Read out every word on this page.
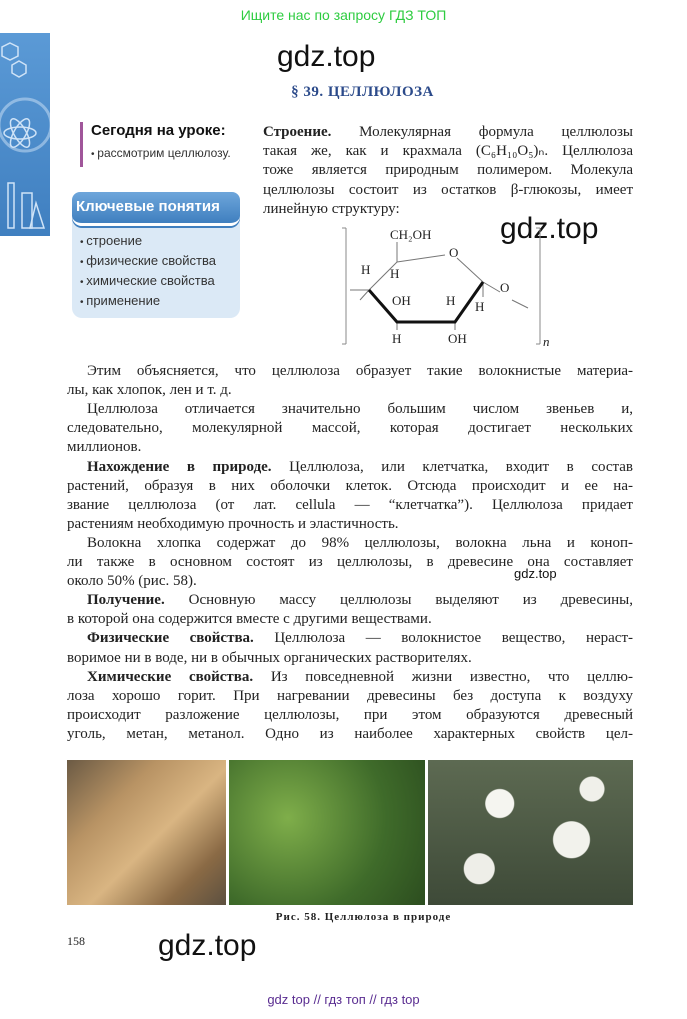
Ищите нас по запросу ГДЗ ТОП
gdz.top
§ 39. ЦЕЛЛЮЛОЗА
Сегодня на уроке:
• рассмотрим целлюлозу.
Ключевые понятия
• строение
• физические свойства
• химические свойства
• применение
Строение. Молекулярная формула целлюлозы
такая же, как и крахмала (C₆H₁₀O₅)ₙ. Целлюлоза
тоже является природным полимером. Молекула
целлюлозы состоит из остатков β-глюкозы, имеет
линейную структуру:
gdz.top
n
CH₂OH
O
O
H H
OH	H H
H	OH
Этим объясняется, что целлюлоза образует такие волокнистые материа-
лы, как хлопок, лен и т. д.
Целлюлоза отличается значительно большим числом звеньев и,
следовательно, молекулярной массой, которая достигает нескольких
миллионов.
Нахождение в природе. Целлюлоза, или клетчатка, входит в состав
растений, образуя в них оболочки клеток. Отсюда происходит и ее на-
звание целлюлоза (от лат. cellula — “клетчатка”). Целлюлоза придает
растениям необходимую прочность и эластичность.
Волокна хлопка содержат до 98% целлюлозы, волокна льна и коноп-
ли также в основном состоят из целлюлозы, в древесине она составляет
около 50% (рис. 58).
Получение. Основную массу целлюлозы выделяют из древесины,
в которой она содержится вместе с другими веществами.
Физические свойства. Целлюлоза — волокнистое вещество, нераст-
воримое ни в воде, ни в обычных органических растворителях.
Химические свойства. Из повседневной жизни известно, что целлю-
лоза хорошо горит. При нагревании древесины без доступа к воздуху
происходит разложение целлюлозы, при этом образуются древесный
уголь, метан, метанол. Одно из наиболее характерных свойств цел-
gdz.top
Рис. 58. Целлюлоза в природе
158 gdz.top
gdz top // гдз топ // гдз top
